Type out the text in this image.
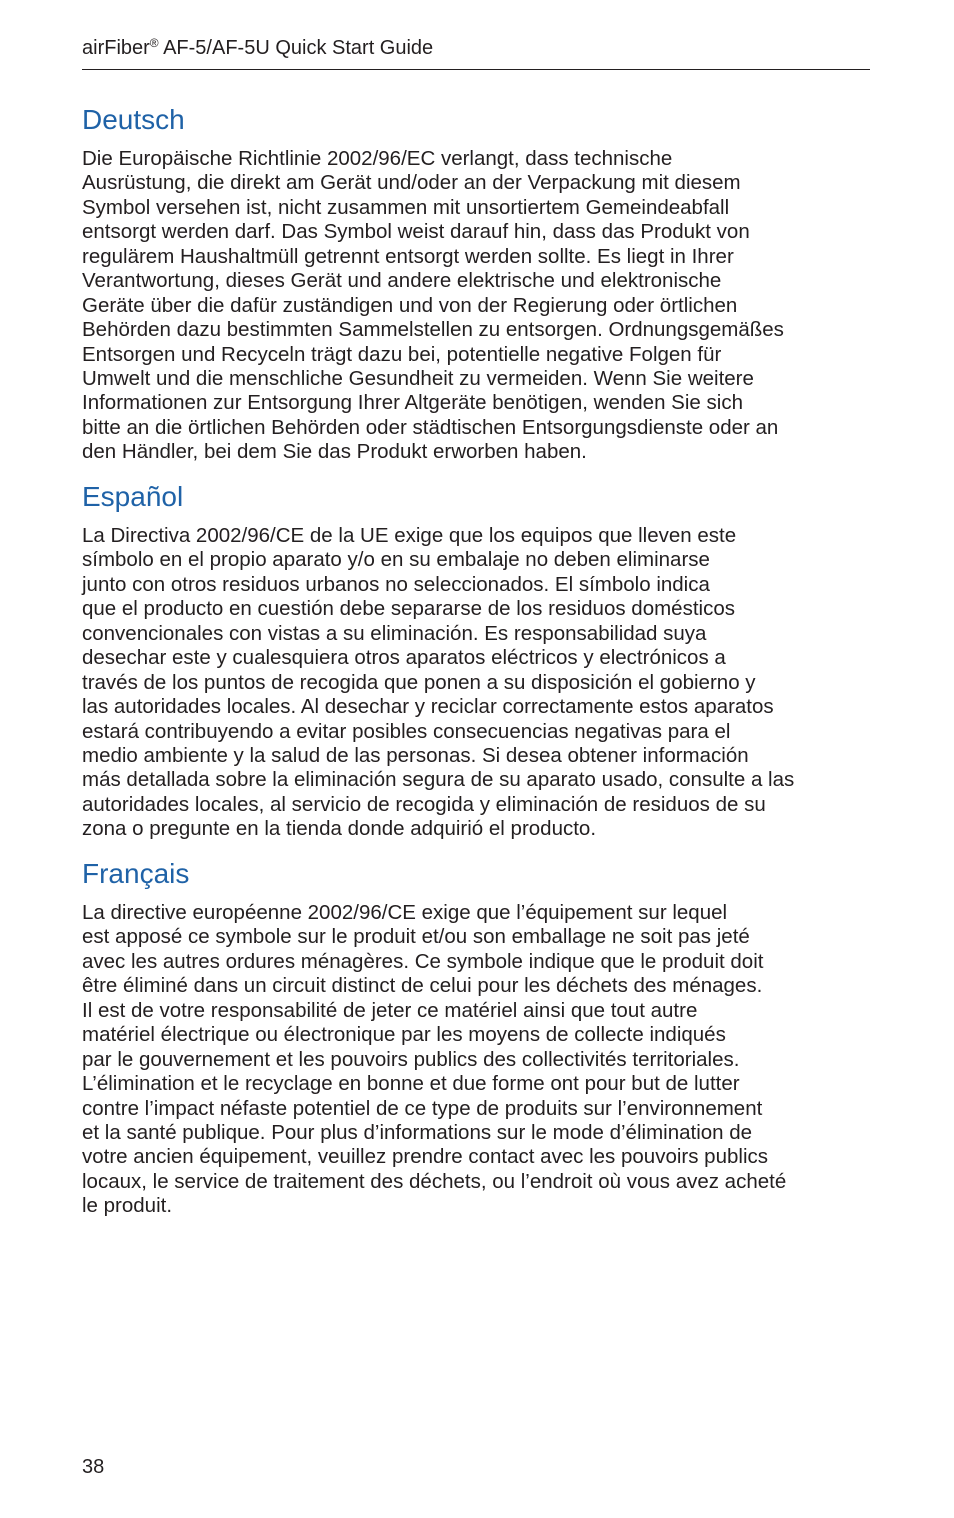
airFiber® AF-5/AF-5U Quick Start Guide
Deutsch
Die Europäische Richtlinie 2002/96/EC verlangt, dass technische
Ausrüstung, die direkt am Gerät und/oder an der Verpackung mit diesem
Symbol versehen ist, nicht zusammen mit unsortiertem Gemeindeabfall
entsorgt werden darf. Das Symbol weist darauf hin, dass das Produkt von
regulärem Haushaltmüll getrennt entsorgt werden sollte. Es liegt in Ihrer
Verantwortung, dieses Gerät und andere elektrische und elektronische
Geräte über die dafür zuständigen und von der Regierung oder örtlichen
Behörden dazu bestimmten Sammelstellen zu entsorgen. Ordnungsgemäßes
Entsorgen und Recyceln trägt dazu bei, potentielle negative Folgen für
Umwelt und die menschliche Gesundheit zu vermeiden. Wenn Sie weitere
Informationen zur Entsorgung Ihrer Altgeräte benötigen, wenden Sie sich
bitte an die örtlichen Behörden oder städtischen Entsorgungsdienste oder an
den Händler, bei dem Sie das Produkt erworben haben.
Español
La Directiva 2002/96/CE de la UE exige que los equipos que lleven este
símbolo en el propio aparato y/o en su embalaje no deben eliminarse
junto con otros residuos urbanos no seleccionados. El símbolo indica
que el producto en cuestión debe separarse de los residuos domésticos
convencionales con vistas a su eliminación. Es responsabilidad suya
desechar este y cualesquiera otros aparatos eléctricos y electrónicos a
través de los puntos de recogida que ponen a su disposición el gobierno y
las autoridades locales. Al desechar y reciclar correctamente estos aparatos
estará contribuyendo a evitar posibles consecuencias negativas para el
medio ambiente y la salud de las personas. Si desea obtener información
más detallada sobre la eliminación segura de su aparato usado, consulte a las
autoridades locales, al servicio de recogida y eliminación de residuos de su
zona o pregunte en la tienda donde adquirió el producto.
Français
La directive européenne 2002/96/CE exige que l’équipement sur lequel
est apposé ce symbole sur le produit et/ou son emballage ne soit pas jeté
avec les autres ordures ménagères. Ce symbole indique que le produit doit
être éliminé dans un circuit distinct de celui pour les déchets des ménages.
Il est de votre responsabilité de jeter ce matériel ainsi que tout autre
matériel électrique ou électronique par les moyens de collecte indiqués
par le gouvernement et les pouvoirs publics des collectivités territoriales.
L’élimination et le recyclage en bonne et due forme ont pour but de lutter
contre l’impact néfaste potentiel de ce type de produits sur l’environnement
et la santé publique. Pour plus d’informations sur le mode d’élimination de
votre ancien équipement, veuillez prendre contact avec les pouvoirs publics
locaux, le service de traitement des déchets, ou l’endroit où vous avez acheté
le produit.
38
